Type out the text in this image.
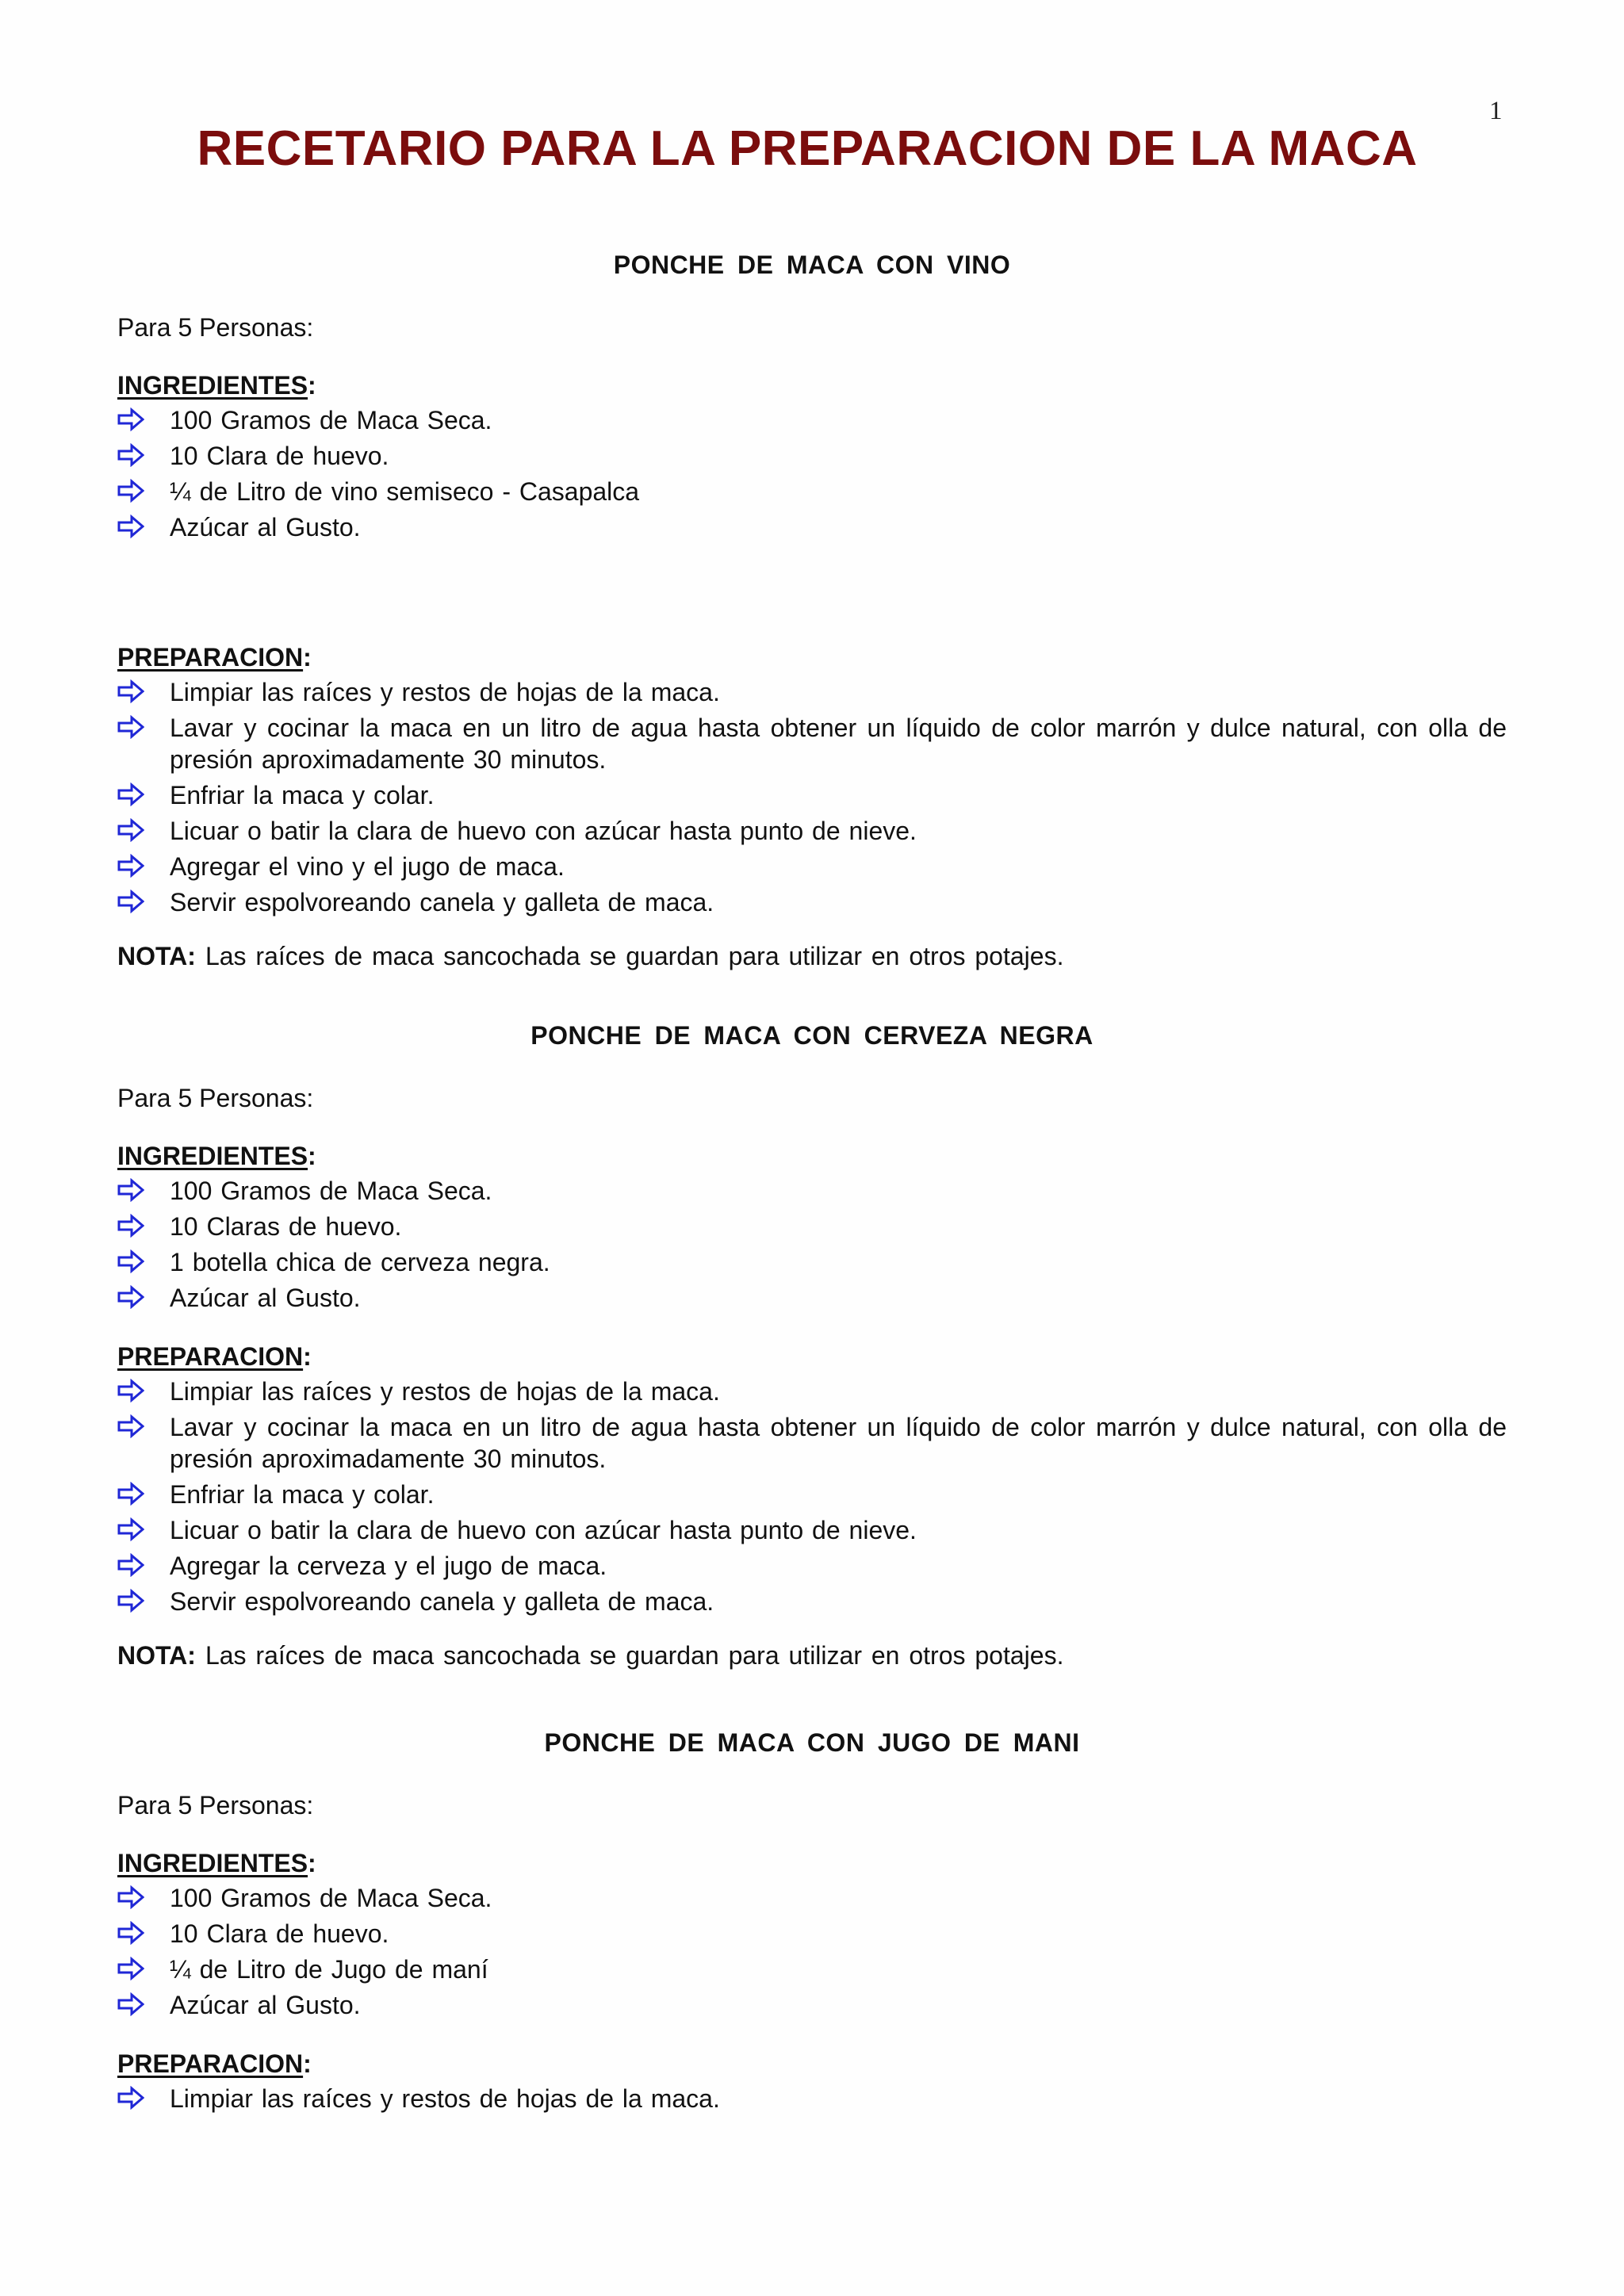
1
RECETARIO PARA LA PREPARACION DE LA MACA
PONCHE DE MACA CON VINO

Para 5 Personas:

INGREDIENTES:

100 Gramos de Maca Seca.
10 Clara de huevo.
¼ de Litro de vino semiseco - Casapalca
Azúcar al Gusto.

PREPARACION:

Limpiar las raíces y restos de hojas de la maca.
Lavar y cocinar la maca en un litro de agua hasta obtener un líquido de color marrón y dulce natural, con olla de presión aproximadamente 30 minutos.
Enfriar la maca y colar.
Licuar o batir la clara de huevo con azúcar hasta punto de nieve.
Agregar el vino y el jugo de maca.
Servir espolvoreando canela y galleta de maca.

NOTA: Las raíces de maca sancochada se guardan para utilizar en otros potajes.

PONCHE DE MACA CON CERVEZA NEGRA

Para 5 Personas:

INGREDIENTES:

100 Gramos de Maca Seca.
10 Claras de huevo.
1 botella chica de cerveza negra.
Azúcar al Gusto.

PREPARACION:

Limpiar las raíces y restos de hojas de la maca.
Lavar y cocinar la maca en un litro de agua hasta obtener un líquido de color marrón y dulce natural, con olla de presión aproximadamente 30 minutos.
Enfriar la maca y colar.
Licuar o batir la clara de huevo con azúcar hasta punto de nieve.
Agregar la cerveza y el jugo de maca.
Servir espolvoreando canela y galleta de maca.

NOTA: Las raíces de maca sancochada se guardan para utilizar en otros potajes.

PONCHE DE MACA CON JUGO DE MANI

Para 5 Personas:

INGREDIENTES:

100 Gramos de Maca Seca.
10 Clara de huevo.
¼ de Litro de Jugo de maní
Azúcar al Gusto.

PREPARACION:

Limpiar las raíces y restos de hojas de la maca.
